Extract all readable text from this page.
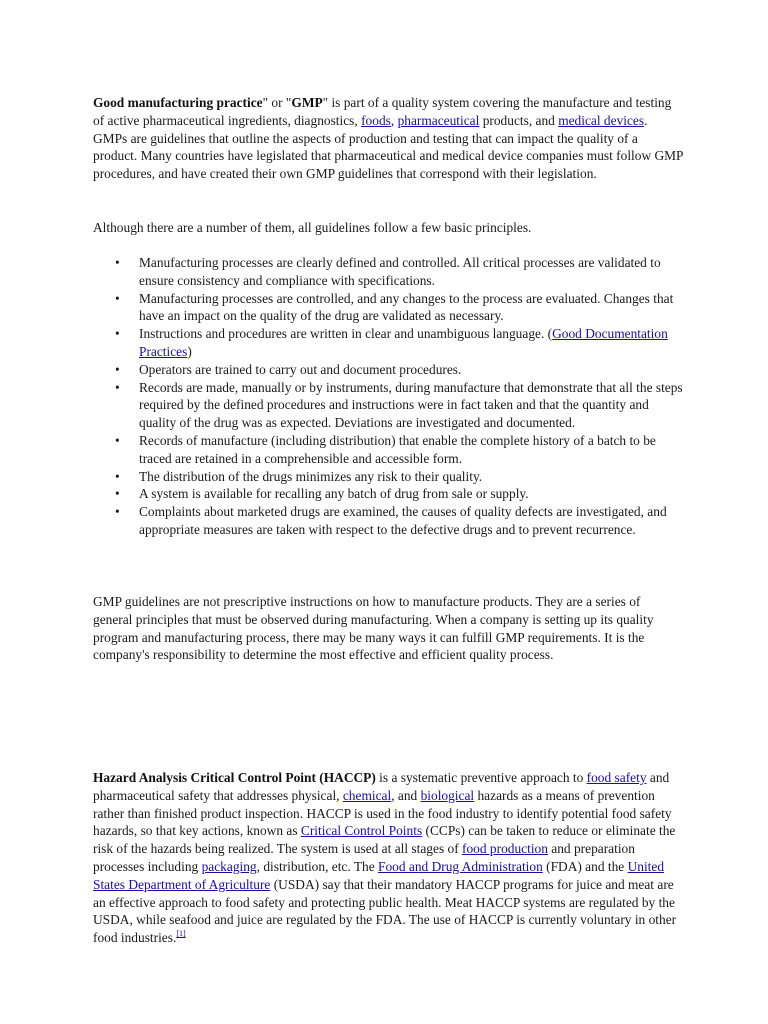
Good manufacturing practice" or "GMP" is part of a quality system covering the manufacture and testing of active pharmaceutical ingredients, diagnostics, foods, pharmaceutical products, and medical devices. GMPs are guidelines that outline the aspects of production and testing that can impact the quality of a product. Many countries have legislated that pharmaceutical and medical device companies must follow GMP procedures, and have created their own GMP guidelines that correspond with their legislation.

Although there are a number of them, all guidelines follow a few basic principles.

• Manufacturing processes are clearly defined and controlled. All critical processes are validated to ensure consistency and compliance with specifications.
• Manufacturing processes are controlled, and any changes to the process are evaluated. Changes that have an impact on the quality of the drug are validated as necessary.
• Instructions and procedures are written in clear and unambiguous language. (Good Documentation Practices)
• Operators are trained to carry out and document procedures.
• Records are made, manually or by instruments, during manufacture that demonstrate that all the steps required by the defined procedures and instructions were in fact taken and that the quantity and quality of the drug was as expected. Deviations are investigated and documented.
• Records of manufacture (including distribution) that enable the complete history of a batch to be traced are retained in a comprehensible and accessible form.
• The distribution of the drugs minimizes any risk to their quality.
• A system is available for recalling any batch of drug from sale or supply.
• Complaints about marketed drugs are examined, the causes of quality defects are investigated, and appropriate measures are taken with respect to the defective drugs and to prevent recurrence.

GMP guidelines are not prescriptive instructions on how to manufacture products. They are a series of general principles that must be observed during manufacturing. When a company is setting up its quality program and manufacturing process, there may be many ways it can fulfill GMP requirements. It is the company's responsibility to determine the most effective and efficient quality process.

Hazard Analysis Critical Control Point (HACCP) is a systematic preventive approach to food safety and pharmaceutical safety that addresses physical, chemical, and biological hazards as a means of prevention rather than finished product inspection. HACCP is used in the food industry to identify potential food safety hazards, so that key actions, known as Critical Control Points (CCPs) can be taken to reduce or eliminate the risk of the hazards being realized. The system is used at all stages of food production and preparation processes including packaging, distribution, etc. The Food and Drug Administration (FDA) and the United States Department of Agriculture (USDA) say that their mandatory HACCP programs for juice and meat are an effective approach to food safety and protecting public health. Meat HACCP systems are regulated by the USDA, while seafood and juice are regulated by the FDA. The use of HACCP is currently voluntary in other food industries.[1]
